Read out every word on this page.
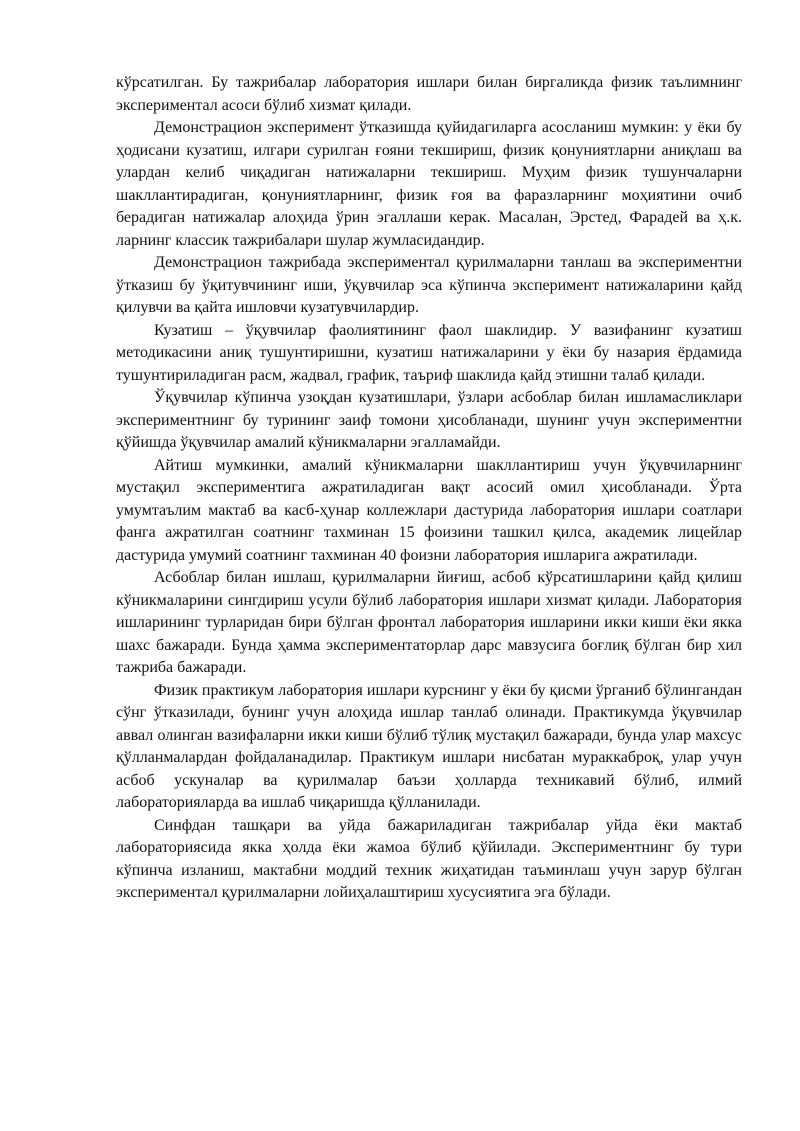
кўрсатилган. Бу тажрибалар лаборатория ишлари билан биргаликда физик таълимнинг экспериментал асоси бўлиб хизмат қилади.

Демонстрацион эксперимент ўтказишда қуйидагиларга асосланиш мумкин: у ёки бу ҳодисани кузатиш, илгари сурилган ғояни текшириш, физик қонуниятларни аниқлаш ва улардан келиб чиқадиган натижаларни текшириш. Муҳим физик тушунчаларни шакллантирадиган, қонуниятларнинг, физик ғоя ва фаразларнинг моҳиятини очиб берадиган натижалар алоҳида ўрин эгаллаши керак. Масалан, Эрстед, Фарадей ва ҳ.к. ларнинг классик тажрибалари шулар жумласидандир.

Демонстрацион тажрибада экспериментал қурилмаларни танлаш ва экспериментни ўтказиш бу ўқитувчининг иши, ўқувчилар эса кўпинча эксперимент натижаларини қайд қилувчи ва қайта ишловчи кузатувчилардир.

Кузатиш – ўқувчилар фаолиятининг фаол шаклидир. У вазифанинг кузатиш методикасини аниқ тушунтиришни, кузатиш натижаларини у ёки бу назария ёрдамида тушунтириладиган расм, жадвал, график, таъриф шаклида қайд этишни талаб қилади.

Ўқувчилар кўпинча узоқдан кузатишлари, ўзлари асбоблар билан ишламасликлари экспериментнинг бу турининг заиф томони ҳисобланади, шунинг учун экспериментни қўйишда ўқувчилар амалий кўникмаларни эгалламайди.

Айтиш мумкинки, амалий кўникмаларни шакллантириш учун ўқувчиларнинг мустақил экспериментига ажратиладиган вақт асосий омил ҳисобланади. Ўрта умумтаълим мактаб ва касб-ҳунар коллежлари дастурида лаборатория ишлари соатлари фанга ажратилган соатнинг тахминан 15 фоизини ташкил қилса, академик лицейлар дастурида умумий соатнинг тахминан 40 фоизни лаборатория ишларига ажратилади.

Асбоблар билан ишлаш, қурилмаларни йиғиш, асбоб кўрсатишларини қайд қилиш кўникмаларини сингдириш усули бўлиб лаборатория ишлари хизмат қилади. Лаборатория ишларининг турларидан бири бўлган фронтал лаборатория ишларини икки киши ёки якка шахс бажаради. Бунда ҳамма экспериментаторлар дарс мавзусига боғлиқ бўлган бир хил тажриба бажаради.

Физик практикум лаборатория ишлари курснинг у ёки бу қисми ўрганиб бўлингандан сўнг ўтказилади, бунинг учун алоҳида ишлар танлаб олинади. Практикумда ўқувчилар аввал олинган вазифаларни икки киши бўлиб тўлиқ мустақил бажаради, бунда улар махсус қўлланмалардан фойдаланадилар. Практикум ишлари нисбатан мураккаброқ, улар учун асбоб ускуналар ва қурилмалар баъзи ҳолларда техникавий бўлиб, илмий лабораторияларда ва ишлаб чиқаришда қўлланилади.

Синфдан ташқари ва уйда бажариладиган тажрибалар уйда ёки мактаб лабораториясида якка ҳолда ёки жамоа бўлиб қўйилади. Экспериментнинг бу тури кўпинча изланиш, мактабни моддий техник жиҳатидан таъминлаш учун зарур бўлган экспериментал қурилмаларни лойиҳалаштириш хусусиятига эга бўлади.
